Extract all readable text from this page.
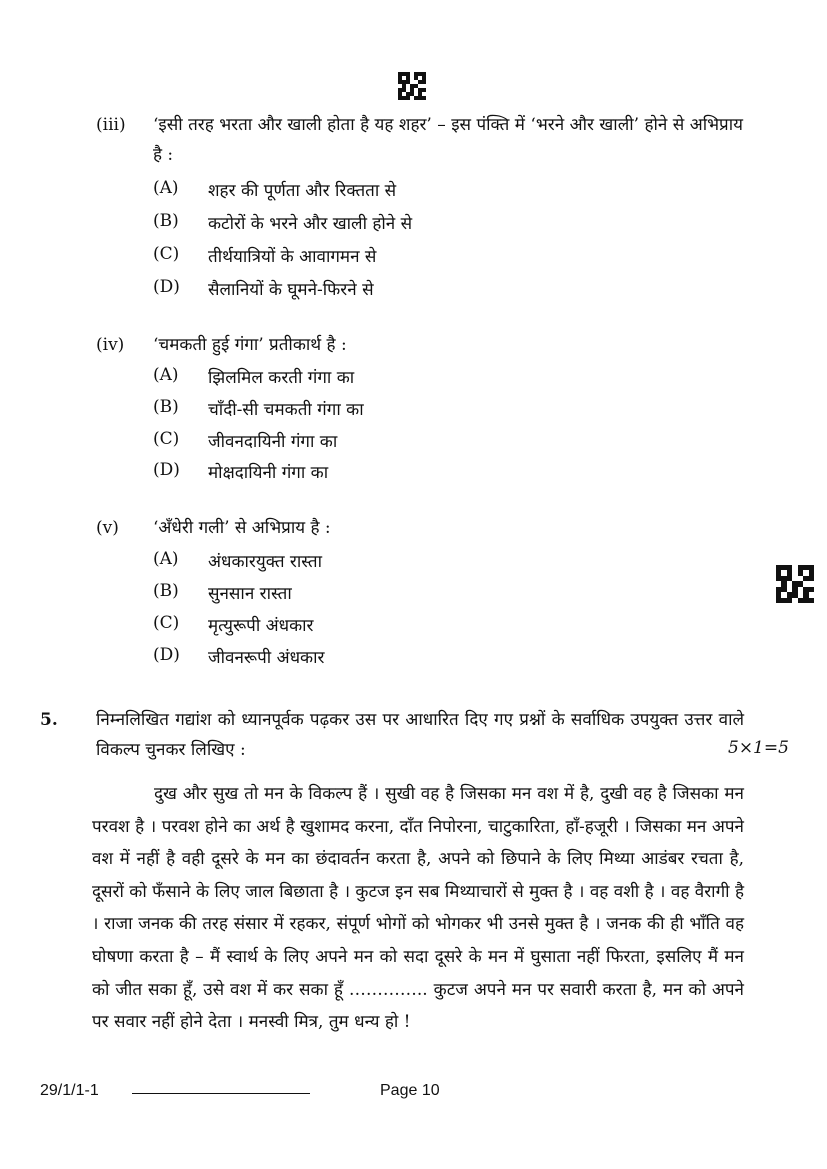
(iii) ‘इसी तरह भरता और खाली होता है यह शहर’ – इस पंक्ति में ‘भरने और खाली’ होने से अभिप्राय है :
(A) शहर की पूर्णता और रिक्तता से
(B) कटोरों के भरने और खाली होने से
(C) तीर्थयात्रियों के आवागमन से
(D) सैलानियों के घूमने-फिरने से
(iv) ‘चमकती हुई गंगा’ प्रतीकार्थ है :
(A) झिलमिल करती गंगा का
(B) चाँदी-सी चमकती गंगा का
(C) जीवनदायिनी गंगा का
(D) मोक्षदायिनी गंगा का
(v) ‘अँधेरी गली’ से अभिप्राय है :
(A) अंधकारयुक्त रास्ता
(B) सुनसान रास्ता
(C) मृत्युरूपी अंधकार
(D) जीवनरूपी अंधकार
5. निम्नलिखित गद्यांश को ध्यानपूर्वक पढ़कर उस पर आधारित दिए गए प्रश्नों के सर्वाधिक उपयुक्त उत्तर वाले विकल्प चुनकर लिखिए :	5×1=5
दुख और सुख तो मन के विकल्प हैं । सुखी वह है जिसका मन वश में है, दुखी वह है जिसका मन परवश है । परवश होने का अर्थ है खुशामद करना, दाँत निपोरना, चाटुकारिता, हाँ-हजूरी । जिसका मन अपने वश में नहीं है वही दूसरे के मन का छंदावर्तन करता है, अपने को छिपाने के लिए मिथ्या आडंबर रचता है, दूसरों को फँसाने के लिए जाल बिछाता है । कुटज इन सब मिथ्याचारों से मुक्त है । वह वशी है । वह वैरागी है । राजा जनक की तरह संसार में रहकर, संपूर्ण भोगों को भोगकर भी उनसे मुक्त है । जनक की ही भाँति वह घोषणा करता है – मैं स्वार्थ के लिए अपने मन को सदा दूसरे के मन में घुसाता नहीं फिरता, इसलिए मैं मन को जीत सका हूँ, उसे वश में कर सका हूँ ………….. कुटज अपने मन पर सवारी करता है, मन को अपने पर सवार नहीं होने देता । मनस्वी मित्र, तुम धन्य हो !
29/1/1-1	Page 10
